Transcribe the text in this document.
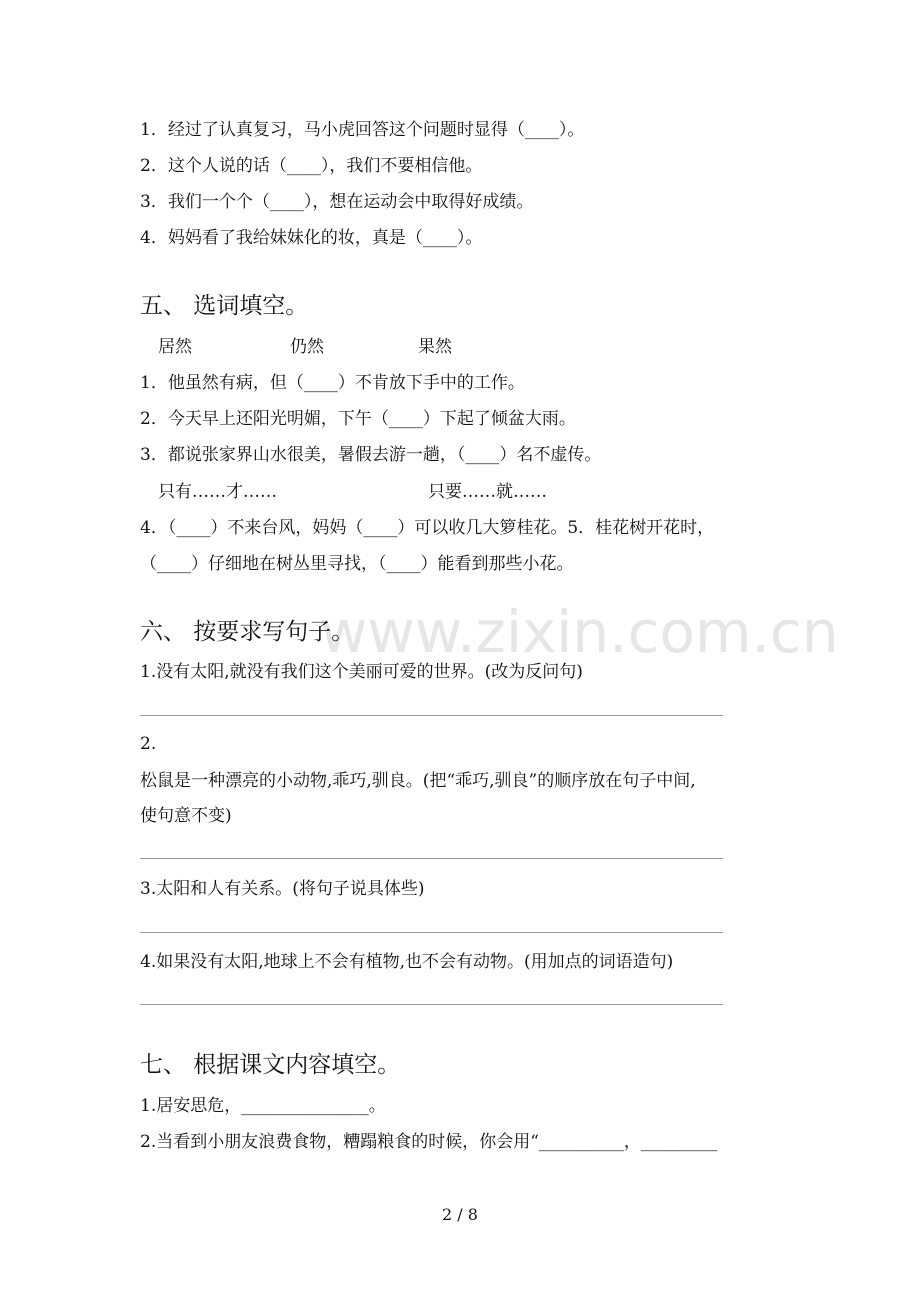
www.zixin.com.cn
1．经过了认真复习，马小虎回答这个问题时显得（____）。
2．这个人说的话（____），我们不要相信他。
3．我们一个个（____），想在运动会中取得好成绩。
4．妈妈看了我给妹妹化的妆，真是（____）。
五、 选词填空。
居然	仍然	果然
1．他虽然有病，但（____）不肯放下手中的工作。
2．今天早上还阳光明媚，下午（____）下起了倾盆大雨。
3．都说张家界山水很美，暑假去游一趟，（____）名不虚传。
只有……才……	只要……就……
4．（____）不来台风，妈妈（____）可以收几大箩桂花。5．桂花树开花时，
（____）仔细地在树丛里寻找，（____）能看到那些小花。
六、 按要求写句子。
1.没有太阳,就没有我们这个美丽可爱的世界。(改为反问句)
2.
松鼠是一种漂亮的小动物,乖巧,驯良。(把“乖巧,驯良”的顺序放在句子中间,
使句意不变)
3.太阳和人有关系。(将句子说具体些)
4.如果没有太阳,地球上不会有植物,也不会有动物。(用加点的词语造句)
七、 根据课文内容填空。
1.居安思危，_______________。
2.当看到小朋友浪费食物，糟蹋粮食的时候，你会用“__________，_________
2 / 8
